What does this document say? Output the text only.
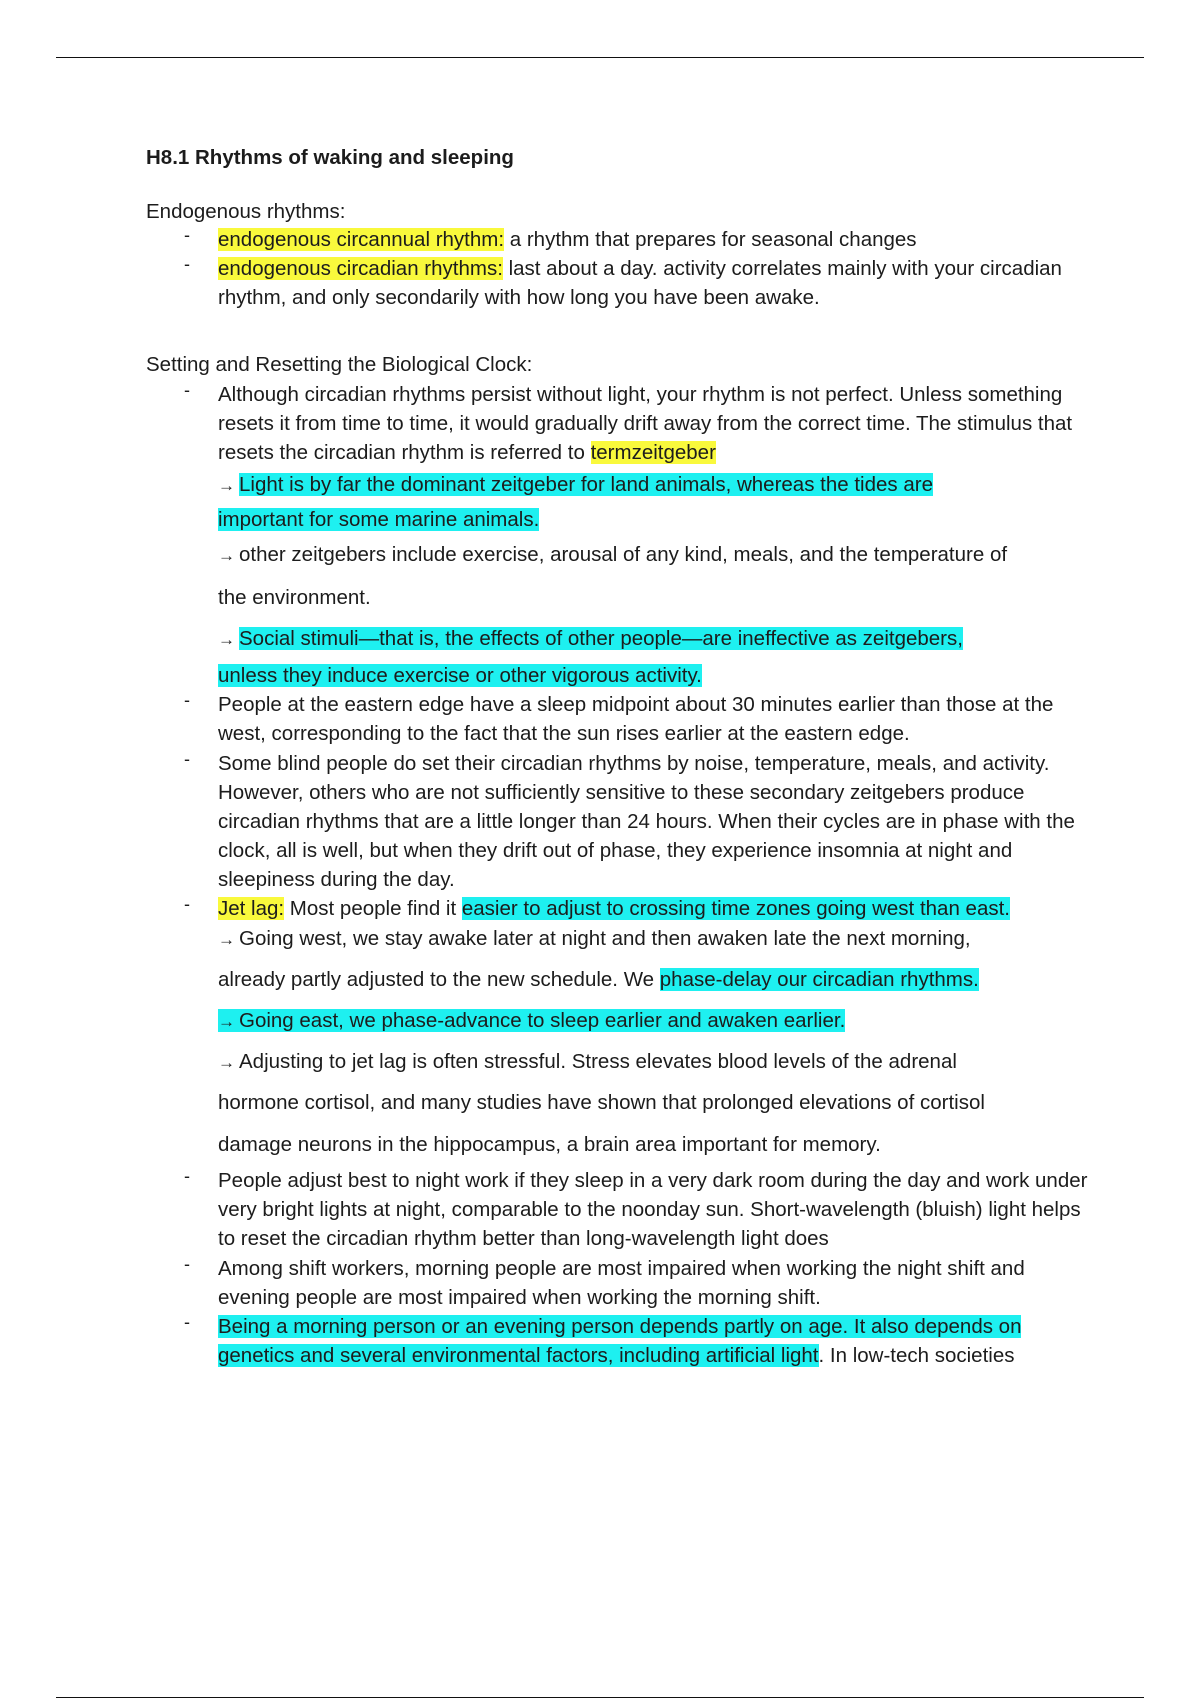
H8.1 Rhythms of waking and sleeping
Endogenous rhythms:
- endogenous circannual rhythm: a rhythm that prepares for seasonal changes
- endogenous circadian rhythms: last about a day. activity correlates mainly with your circadian rhythm, and only secondarily with how long you have been awake.
Setting and Resetting the Biological Clock:
- Although circadian rhythms persist without light, your rhythm is not perfect. Unless something resets it from time to time, it would gradually drift away from the correct time. The stimulus that resets the circadian rhythm is referred to termzeitgeber
→ Light is by far the dominant zeitgeber for land animals, whereas the tides are
important for some marine animals.
→ other zeitgebers include exercise, arousal of any kind, meals, and the temperature of
the environment.
→ Social stimuli—that is, the effects of other people—are ineffective as zeitgebers,
unless they induce exercise or other vigorous activity.
- People at the eastern edge have a sleep midpoint about 30 minutes earlier than those at the west, corresponding to the fact that the sun rises earlier at the eastern edge.
- Some blind people do set their circadian rhythms by noise, temperature, meals, and activity. However, others who are not sufficiently sensitive to these secondary zeitgebers produce circadian rhythms that are a little longer than 24 hours. When their cycles are in phase with the clock, all is well, but when they drift out of phase, they experience insomnia at night and sleepiness during the day.
- Jet lag: Most people find it easier to adjust to crossing time zones going west than east.
→ Going west, we stay awake later at night and then awaken late the next morning,
already partly adjusted to the new schedule. We phase-delay our circadian rhythms.
→ Going east, we phase-advance to sleep earlier and awaken earlier.
→ Adjusting to jet lag is often stressful. Stress elevates blood levels of the adrenal
hormone cortisol, and many studies have shown that prolonged elevations of cortisol
damage neurons in the hippocampus, a brain area important for memory.
- People adjust best to night work if they sleep in a very dark room during the day and work under very bright lights at night, comparable to the noonday sun. Short-wavelength (bluish) light helps to reset the circadian rhythm better than long-wavelength light does
- Among shift workers, morning people are most impaired when working the night shift and evening people are most impaired when working the morning shift.
- Being a morning person or an evening person depends partly on age. It also depends on genetics and several environmental factors, including artificial light. In low-tech societies
